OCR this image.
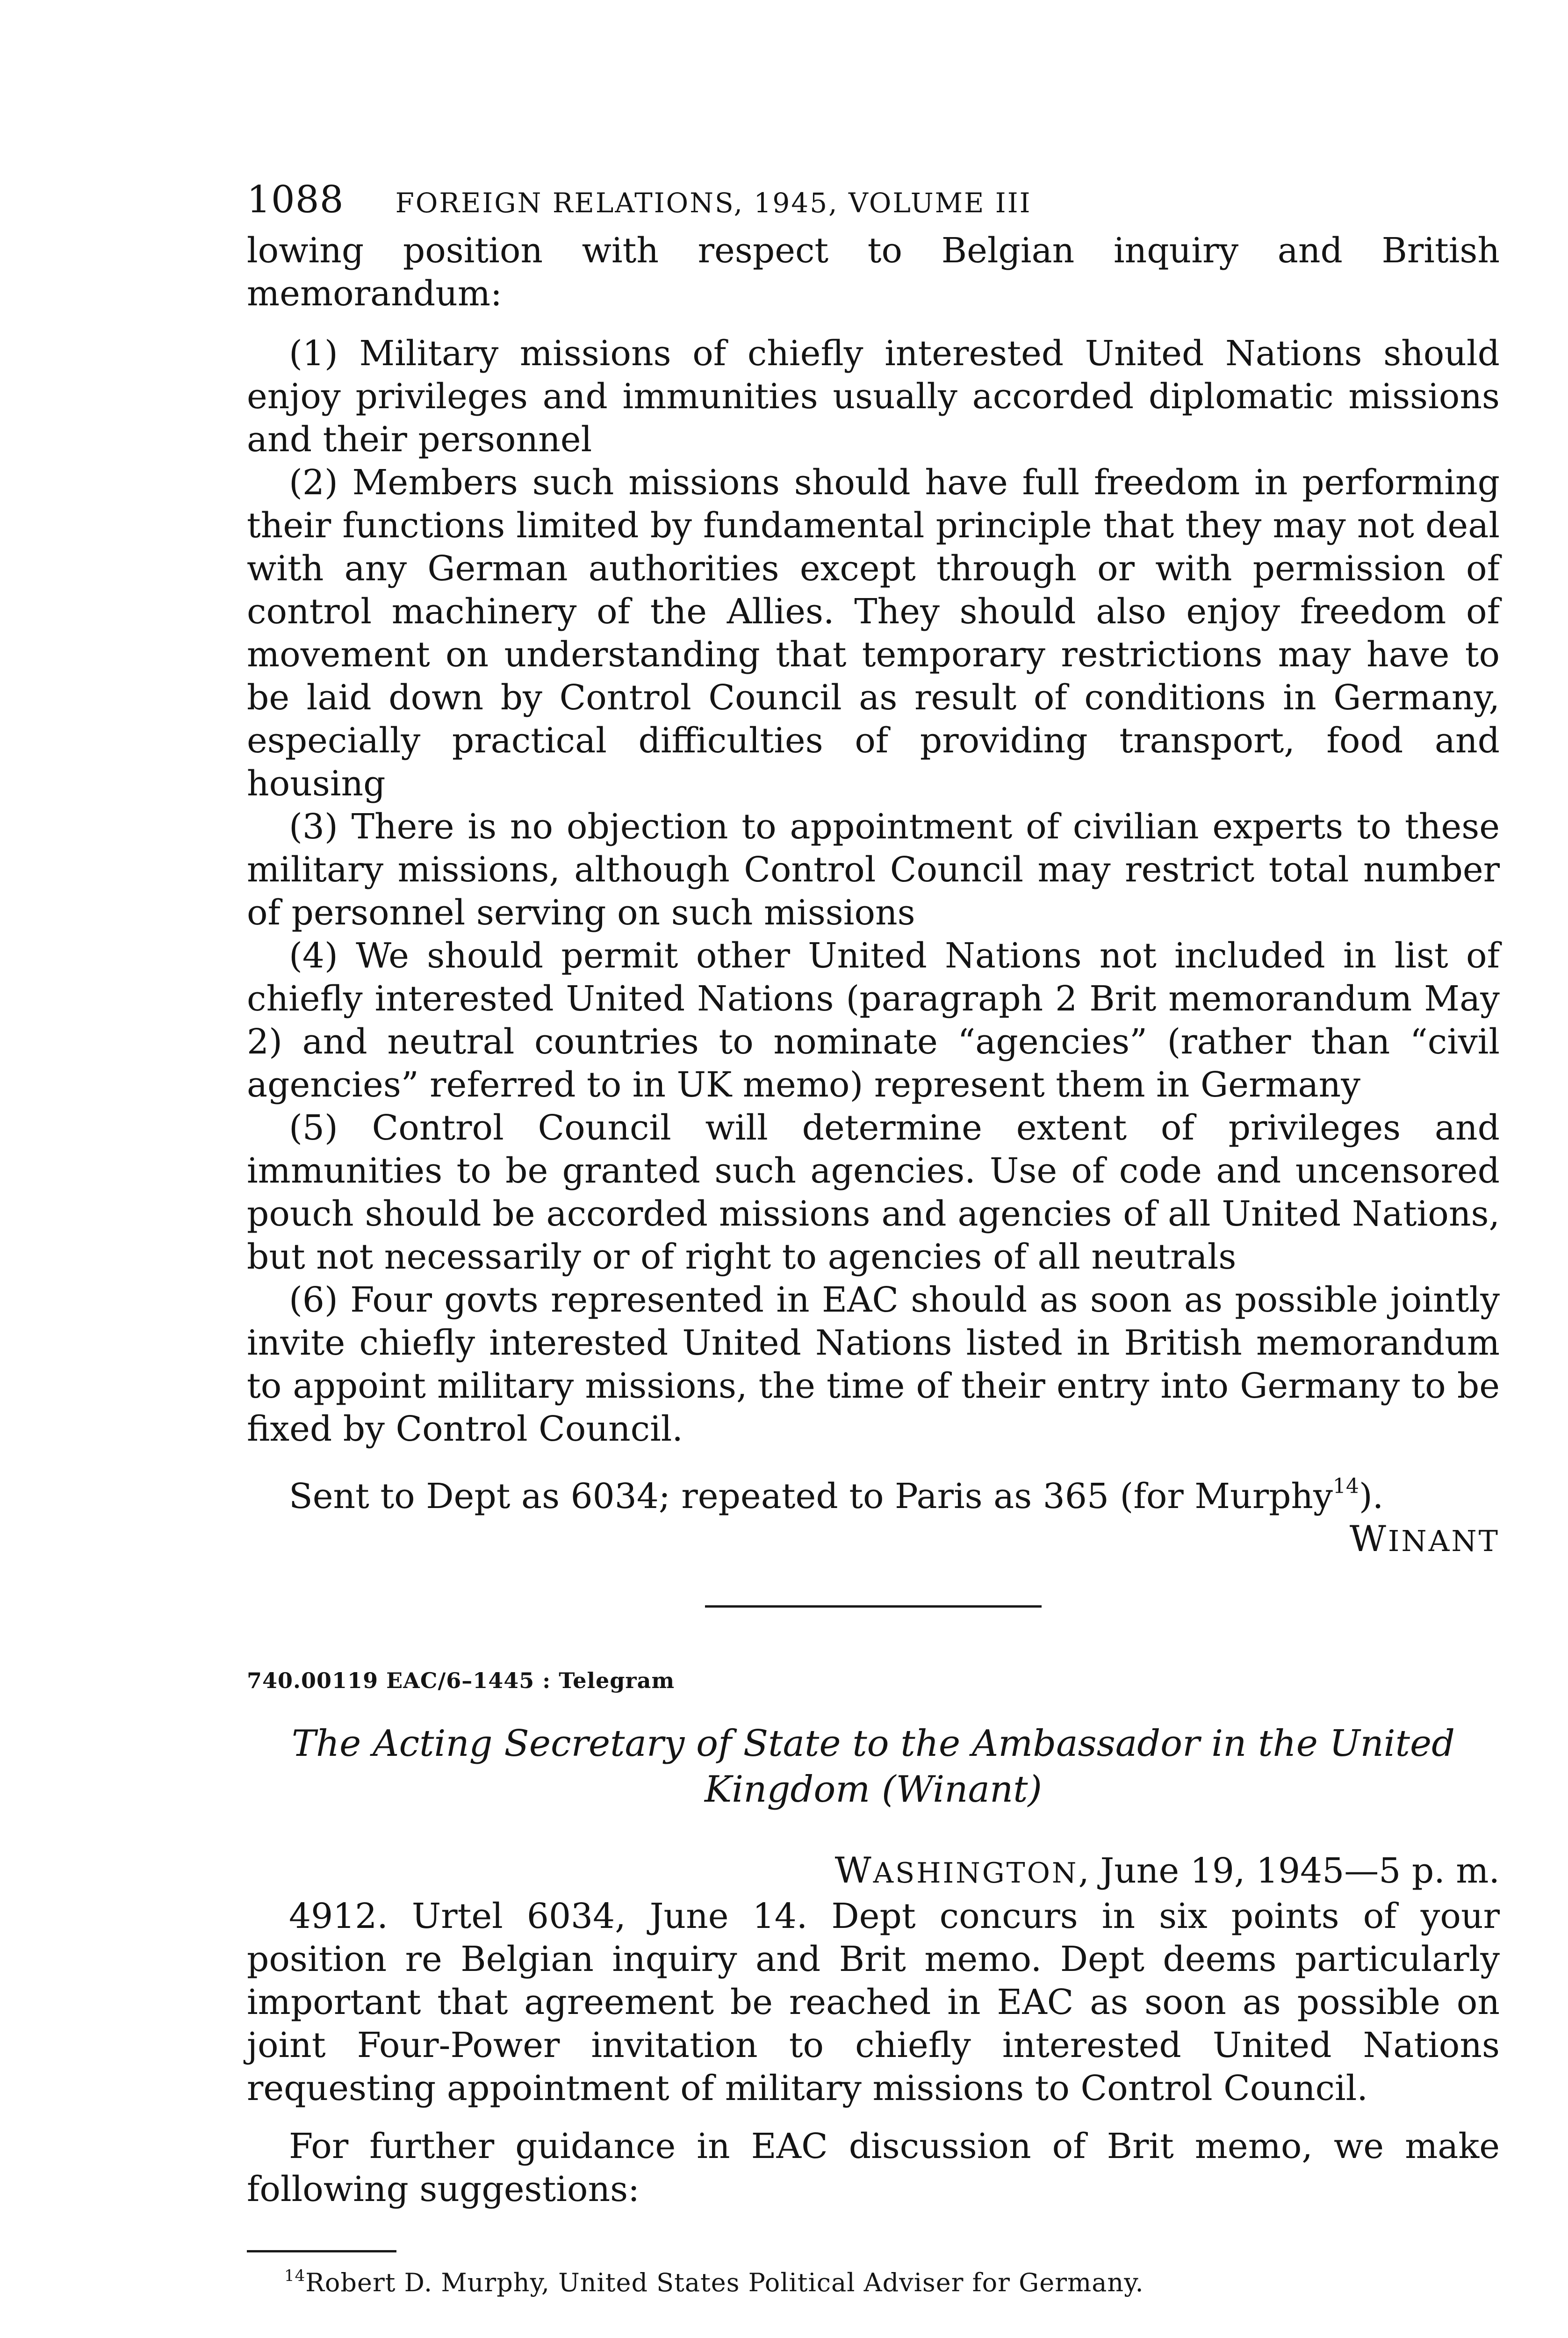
1088 FOREIGN RELATIONS, 1945, VOLUME III

lowing position with respect to Belgian inquiry and British memorandum:

(1) Military missions of chiefly interested United Nations should enjoy privileges and immunities usually accorded diplomatic missions and their personnel

(2) Members such missions should have full freedom in performing their functions limited by fundamental principle that they may not deal with any German authorities except through or with permission of control machinery of the Allies. They should also enjoy freedom of movement on understanding that temporary restrictions may have to be laid down by Control Council as result of conditions in Germany, especially practical difficulties of providing transport, food and housing

(3) There is no objection to appointment of civilian experts to these military missions, although Control Council may restrict total number of personnel serving on such missions

(4) We should permit other United Nations not included in list of chiefly interested United Nations (paragraph 2 Brit memorandum May 2) and neutral countries to nominate “agencies” (rather than “civil agencies” referred to in UK memo) represent them in Germany

(5) Control Council will determine extent of privileges and immunities to be granted such agencies. Use of code and uncensored pouch should be accorded missions and agencies of all United Nations, but not necessarily or of right to agencies of all neutrals

(6) Four govts represented in EAC should as soon as possible jointly invite chiefly interested United Nations listed in British memorandum to appoint military missions, the time of their entry into Germany to be fixed by Control Council.

Sent to Dept as 6034; repeated to Paris as 365 (for Murphy$^{14}$).

WINANT
740.00119 EAC/6–1445 : Telegram
The Acting Secretary of State to the Ambassador in the United
Kingdom (Winant)
WASHINGTON, June 19, 1945—5 p. m.

4912. Urtel 6034, June 14. Dept concurs in six points of your position re Belgian inquiry and Brit memo. Dept deems particularly important that agreement be reached in EAC as soon as possible on joint Four-Power invitation to chiefly interested United Nations requesting appointment of military missions to Control Council.

For further guidance in EAC discussion of Brit memo, we make following suggestions:

$^{14}$Robert D. Murphy, United States Political Adviser for Germany.
